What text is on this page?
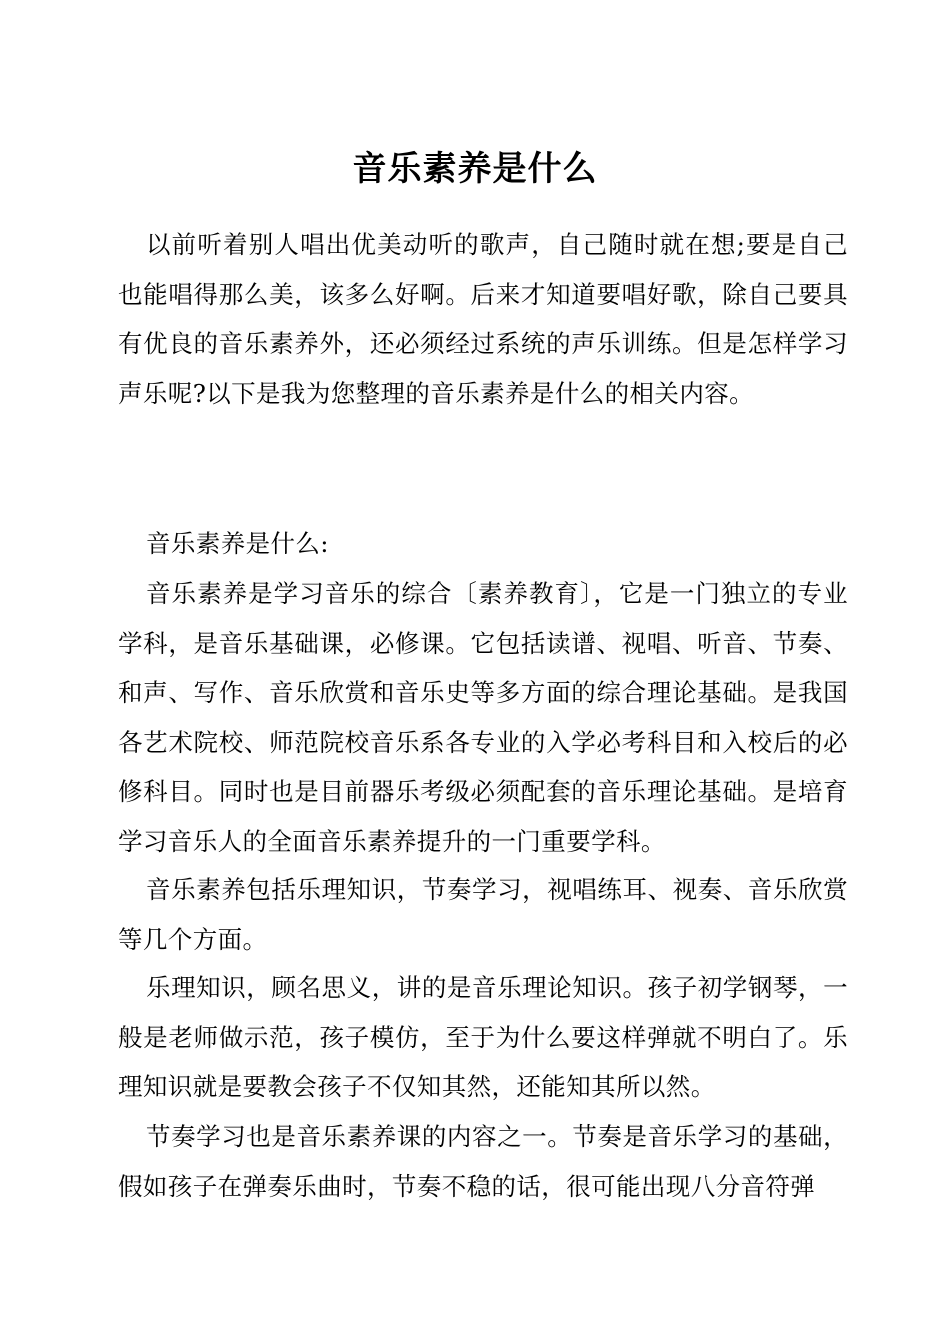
音乐素养是什么

以前听着别人唱出优美动听的歌声，自己随时就在想;要是自己也能唱得那么美，该多么好啊。后来才知道要唱好歌，除自己要具有优良的音乐素养外，还必须经过系统的声乐训练。但是怎样学习声乐呢?以下是我为您整理的音乐素养是什么的相关内容。

音乐素养是什么:

音乐素养是学习音乐的综合〔素养教育〕，它是一门独立的专业学科，是音乐基础课，必修课。它包括读谱、视唱、听音、节奏、和声、写作、音乐欣赏和音乐史等多方面的综合理论基础。是我国各艺术院校、师范院校音乐系各专业的入学必考科目和入校后的必修科目。同时也是目前器乐考级必须配套的音乐理论基础。是培育学习音乐人的全面音乐素养提升的一门重要学科。

音乐素养包括乐理知识，节奏学习，视唱练耳、视奏、音乐欣赏等几个方面。

乐理知识，顾名思义，讲的是音乐理论知识。孩子初学钢琴，一般是老师做示范，孩子模仿，至于为什么要这样弹就不明白了。乐理知识就是要教会孩子不仅知其然，还能知其所以然。

节奏学习也是音乐素养课的内容之一。节奏是音乐学习的基础，假如孩子在弹奏乐曲时，节奏不稳的话，很可能出现八分音符弹
